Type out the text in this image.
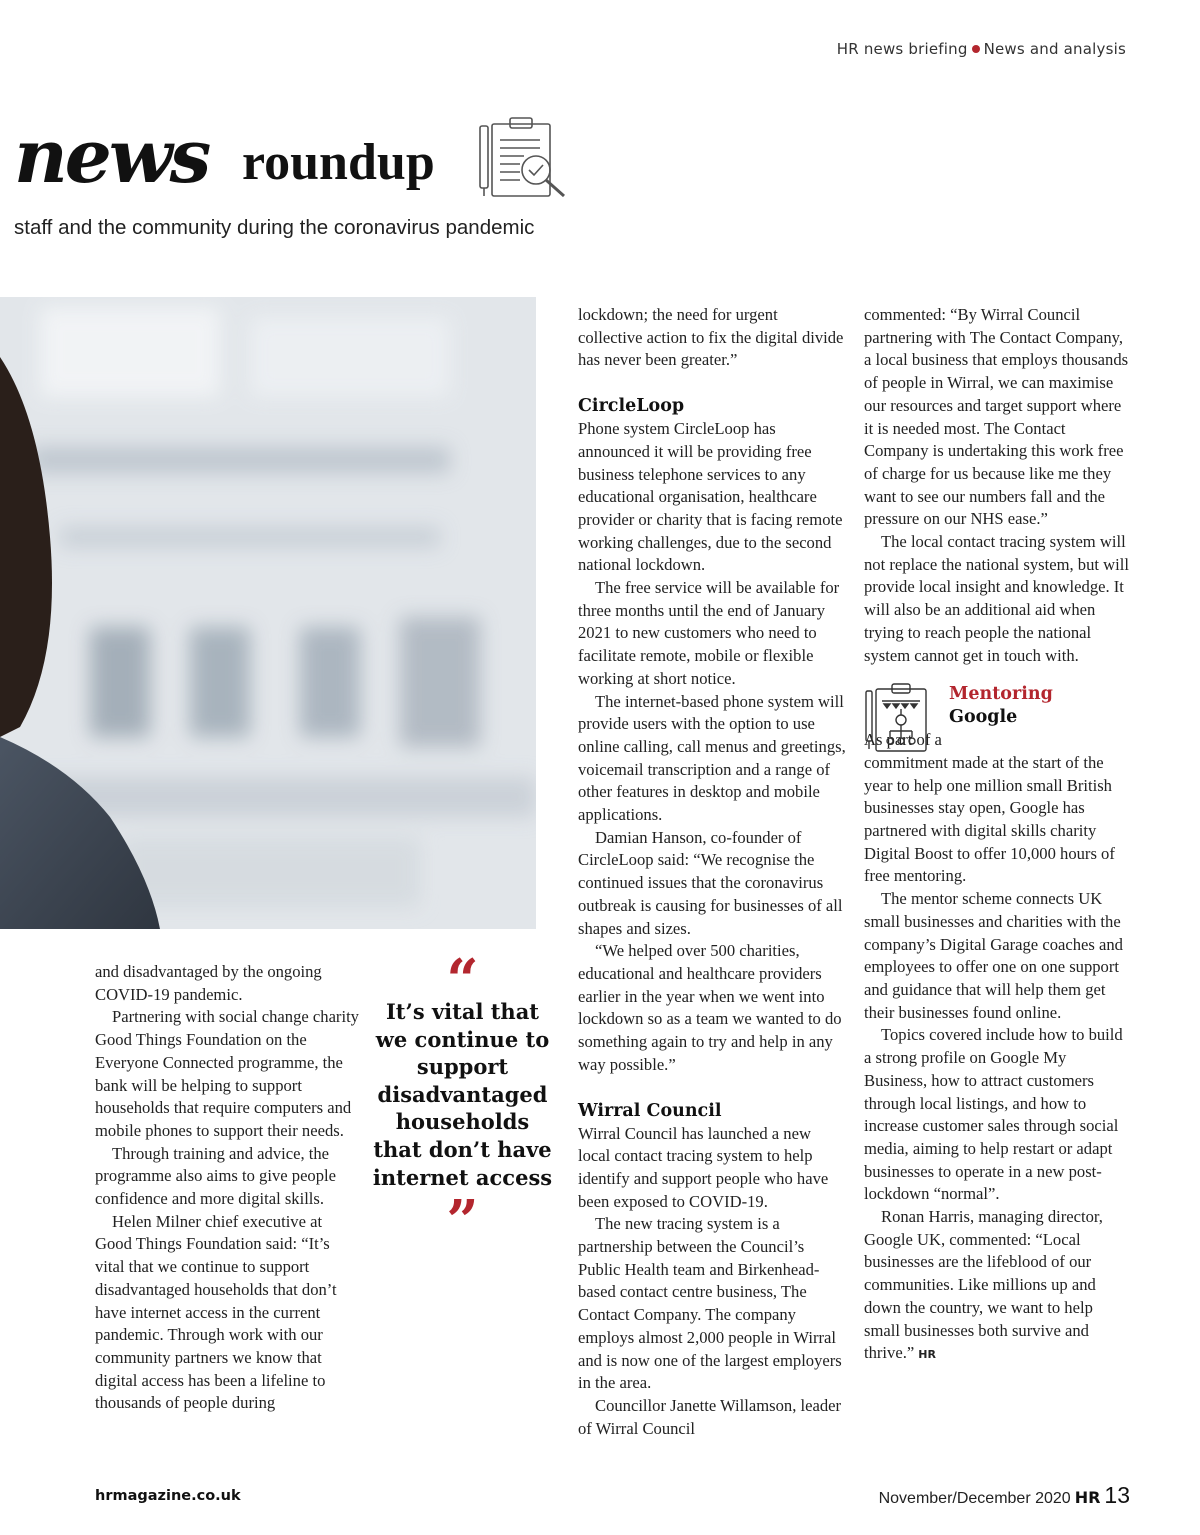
HR news briefing News and analysis
news roundup
staff and the community during the coronavirus pandemic

and disadvantaged by the ongoing COVID-19 pandemic.

Partnering with social change charity Good Things Foundation on the Everyone Connected programme, the bank will be helping to support households that require computers and mobile phones to support their needs.

Through training and advice, the programme also aims to give people confidence and more digital skills.

Helen Milner chief executive at Good Things Foundation said: “It’s vital that we continue to support disadvantaged households that don’t have internet access in the current pandemic. Through work with our community partners we know that digital access has been a lifeline to thousands of people during

“
It’s vital that we continue to support disadvantaged households that don’t have internet access
”

lockdown; the need for urgent collective action to fix the digital divide has never been greater.”

CircleLoop

Phone system CircleLoop has announced it will be providing free business telephone services to any educational organisation, healthcare provider or charity that is facing remote working challenges, due to the second national lockdown.

The free service will be available for three months until the end of January 2021 to new customers who need to facilitate remote, mobile or flexible working at short notice.

The internet-based phone system will provide users with the option to use online calling, call menus and greetings, voicemail transcription and a range of other features in desktop and mobile applications.

Damian Hanson, co-founder of CircleLoop said: “We recognise the continued issues that the coronavirus outbreak is causing for businesses of all shapes and sizes.

“We helped over 500 charities, educational and healthcare providers earlier in the year when we went into lockdown so as a team we wanted to do something again to try and help in any way possible.”

Wirral Council

Wirral Council has launched a new local contact tracing system to help identify and support people who have been exposed to COVID-19.

The new tracing system is a partnership between the Council’s Public Health team and Birkenhead-based contact centre business, The Contact Company. The company employs almost 2,000 people in Wirral and is now one of the largest employers in the area.

Councillor Janette Willamson, leader of Wirral Council

commented: “By Wirral Council partnering with The Contact Company, a local business that employs thousands of people in Wirral, we can maximise our resources and target support where it is needed most. The Contact Company is undertaking this work free of charge for us because like me they want to see our numbers fall and the pressure on our NHS ease.”

The local contact tracing system will not replace the national system, but will provide local insight and knowledge. It will also be an additional aid when trying to reach people the national system cannot get in touch with.

Mentoring
Google

As part of a

commitment made at the start of the year to help one million small British businesses stay open, Google has partnered with digital skills charity Digital Boost to offer 10,000 hours of free mentoring.

The mentor scheme connects UK small businesses and charities with the company’s Digital Garage coaches and employees to offer one on one support and guidance that will help them get their businesses found online.

Topics covered include how to build a strong profile on Google My Business, how to attract customers through local listings, and how to increase customer sales through social media, aiming to help restart or adapt businesses to operate in a new post-lockdown “normal”.

Ronan Harris, managing director, Google UK, commented: “Local businesses are the lifeblood of our communities. Like millions up and down the country, we want to help small businesses both survive and thrive.” HR

hrmagazine.co.uk	November/December 2020 HR 13
